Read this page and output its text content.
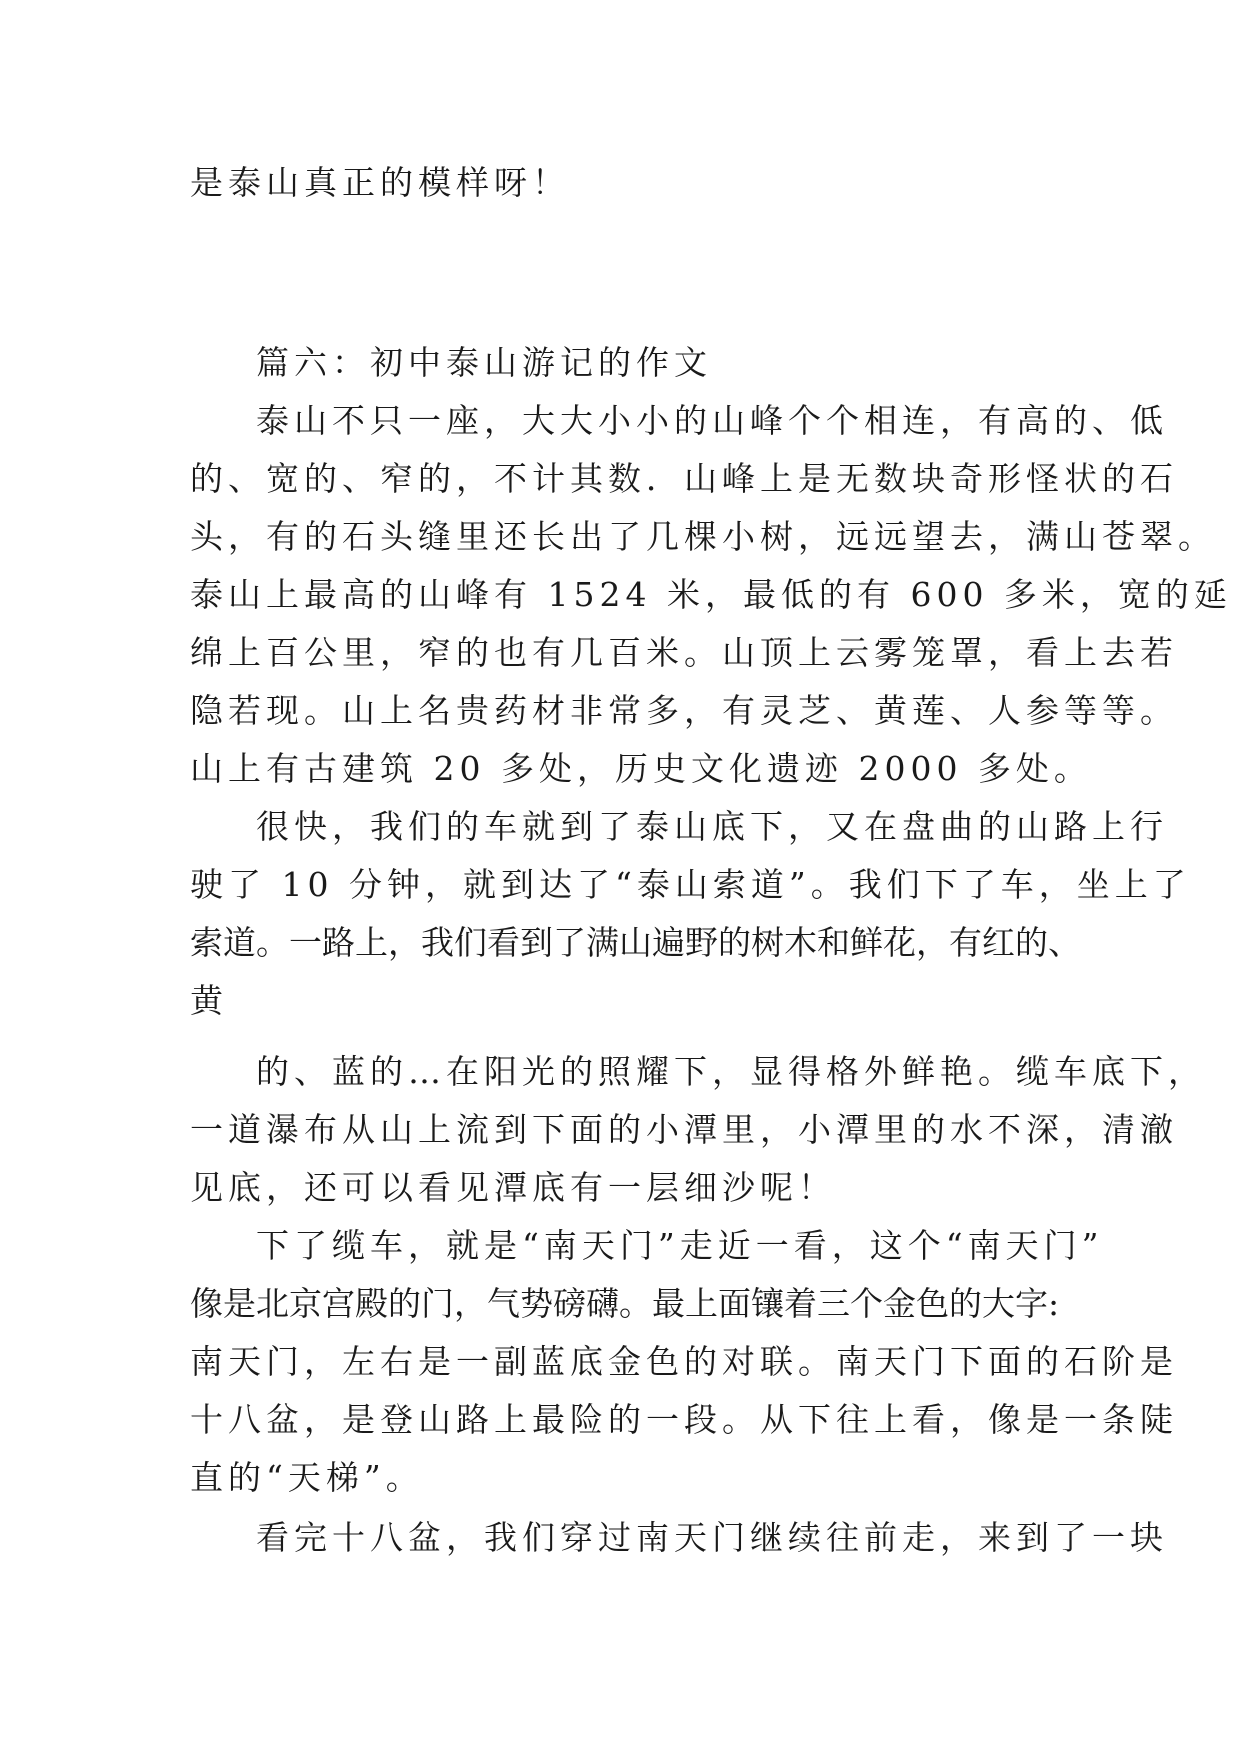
是泰山真正的模样呀！
篇六：初中泰山游记的作文
泰山不只一座，大大小小的山峰个个相连，有高的、低
的、宽的、窄的，不计其数．山峰上是无数块奇形怪状的石
头，有的石头缝里还长出了几棵小树，远远望去，满山苍翠。
泰山上最高的山峰有 1524 米，最低的有 600 多米，宽的延
绵上百公里，窄的也有几百米。山顶上云雾笼罩，看上去若
隐若现。山上名贵药材非常多，有灵芝、黄莲、人参等等。
山上有古建筑 20 多处，历史文化遗迹 2000 多处。
很快，我们的车就到了泰山底下，又在盘曲的山路上行
驶了 10 分钟，就到达了“泰山索道”。我们下了车，坐上了
索道。一路上，我们看到了满山遍野的树木和鲜花，有红的、
黄
的、蓝的…在阳光的照耀下，显得格外鲜艳。缆车底下，
一道瀑布从山上流到下面的小潭里，小潭里的水不深，清澈
见底，还可以看见潭底有一层细沙呢！
下了缆车，就是“南天门”走近一看，这个“南天门”
像是北京宫殿的门，气势磅礴。最上面镶着三个金色的大字:
南天门，左右是一副蓝底金色的对联。南天门下面的石阶是
十八盆，是登山路上最险的一段。从下往上看，像是一条陡
直的“天梯”。
看完十八盆，我们穿过南天门继续往前走，来到了一块
